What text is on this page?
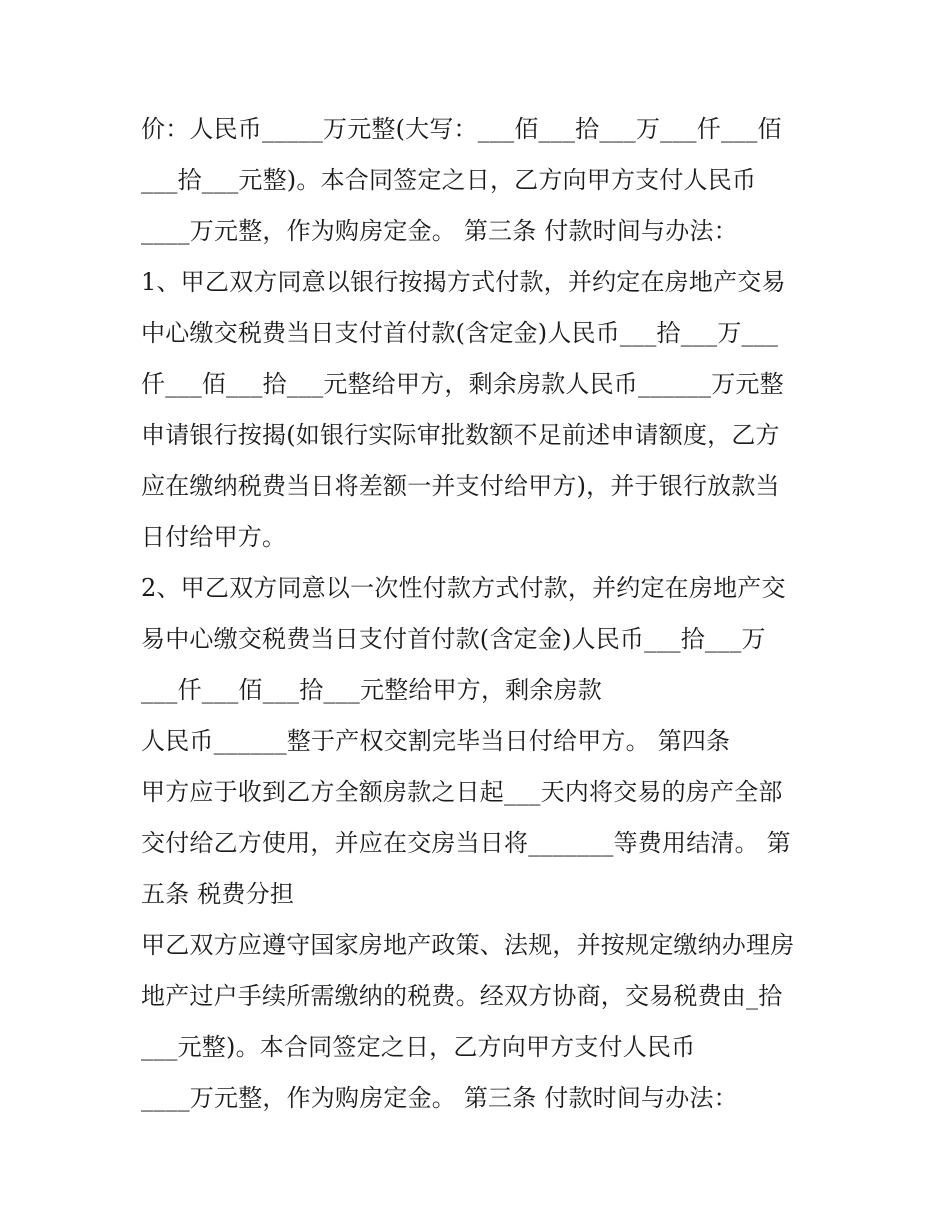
价：人民币_____万元整(大写：___佰___拾___万___仟___佰
___拾___元整)。本合同签定之日，乙方向甲方支付人民币
____万元整，作为购房定金。 第三条 付款时间与办法：
1、甲乙双方同意以银行按揭方式付款，并约定在房地产交易
中心缴交税费当日支付首付款(含定金)人民币___拾___万___
仟___佰___拾___元整给甲方，剩余房款人民币______万元整
申请银行按揭(如银行实际审批数额不足前述申请额度，乙方
应在缴纳税费当日将差额一并支付给甲方)，并于银行放款当
日付给甲方。
2、甲乙双方同意以一次性付款方式付款，并约定在房地产交
易中心缴交税费当日支付首付款(含定金)人民币___拾___万
___仟___佰___拾___元整给甲方，剩余房款
人民币______整于产权交割完毕当日付给甲方。 第四条
甲方应于收到乙方全额房款之日起___天内将交易的房产全部
交付给乙方使用，并应在交房当日将_______等费用结清。 第
五条 税费分担
甲乙双方应遵守国家房地产政策、法规，并按规定缴纳办理房
地产过户手续所需缴纳的税费。经双方协商，交易税费由_拾
___元整)。本合同签定之日，乙方向甲方支付人民币
____万元整，作为购房定金。 第三条 付款时间与办法：
